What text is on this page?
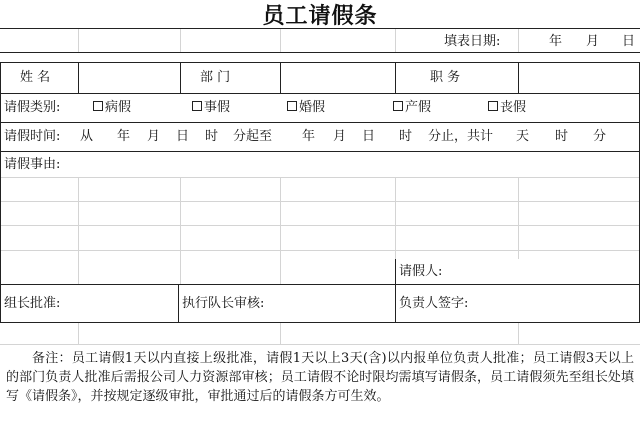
员工请假条
填表日期:	年 月 日
姓 名	部 门	职 务
请假类别:	病假	事假	婚假	产假	丧假
请假时间: 从 年 月 日 时 分起至 年 月 日 时 分止，共计 天 时 分
请假事由:
请假人:
组长批准:	执行队长审核:	负责人签字:
备注：员工请假1天以内直接上级批准，请假1天以上3天(含)以内报单位负责人批准；员工请假3天以上的部门负责人批准后需报公司人力资源部审核；员工请假不论时限均需填写请假条，员工请假须先至组长处填写《请假条》，并按规定逐级审批，审批通过后的请假条方可生效。
